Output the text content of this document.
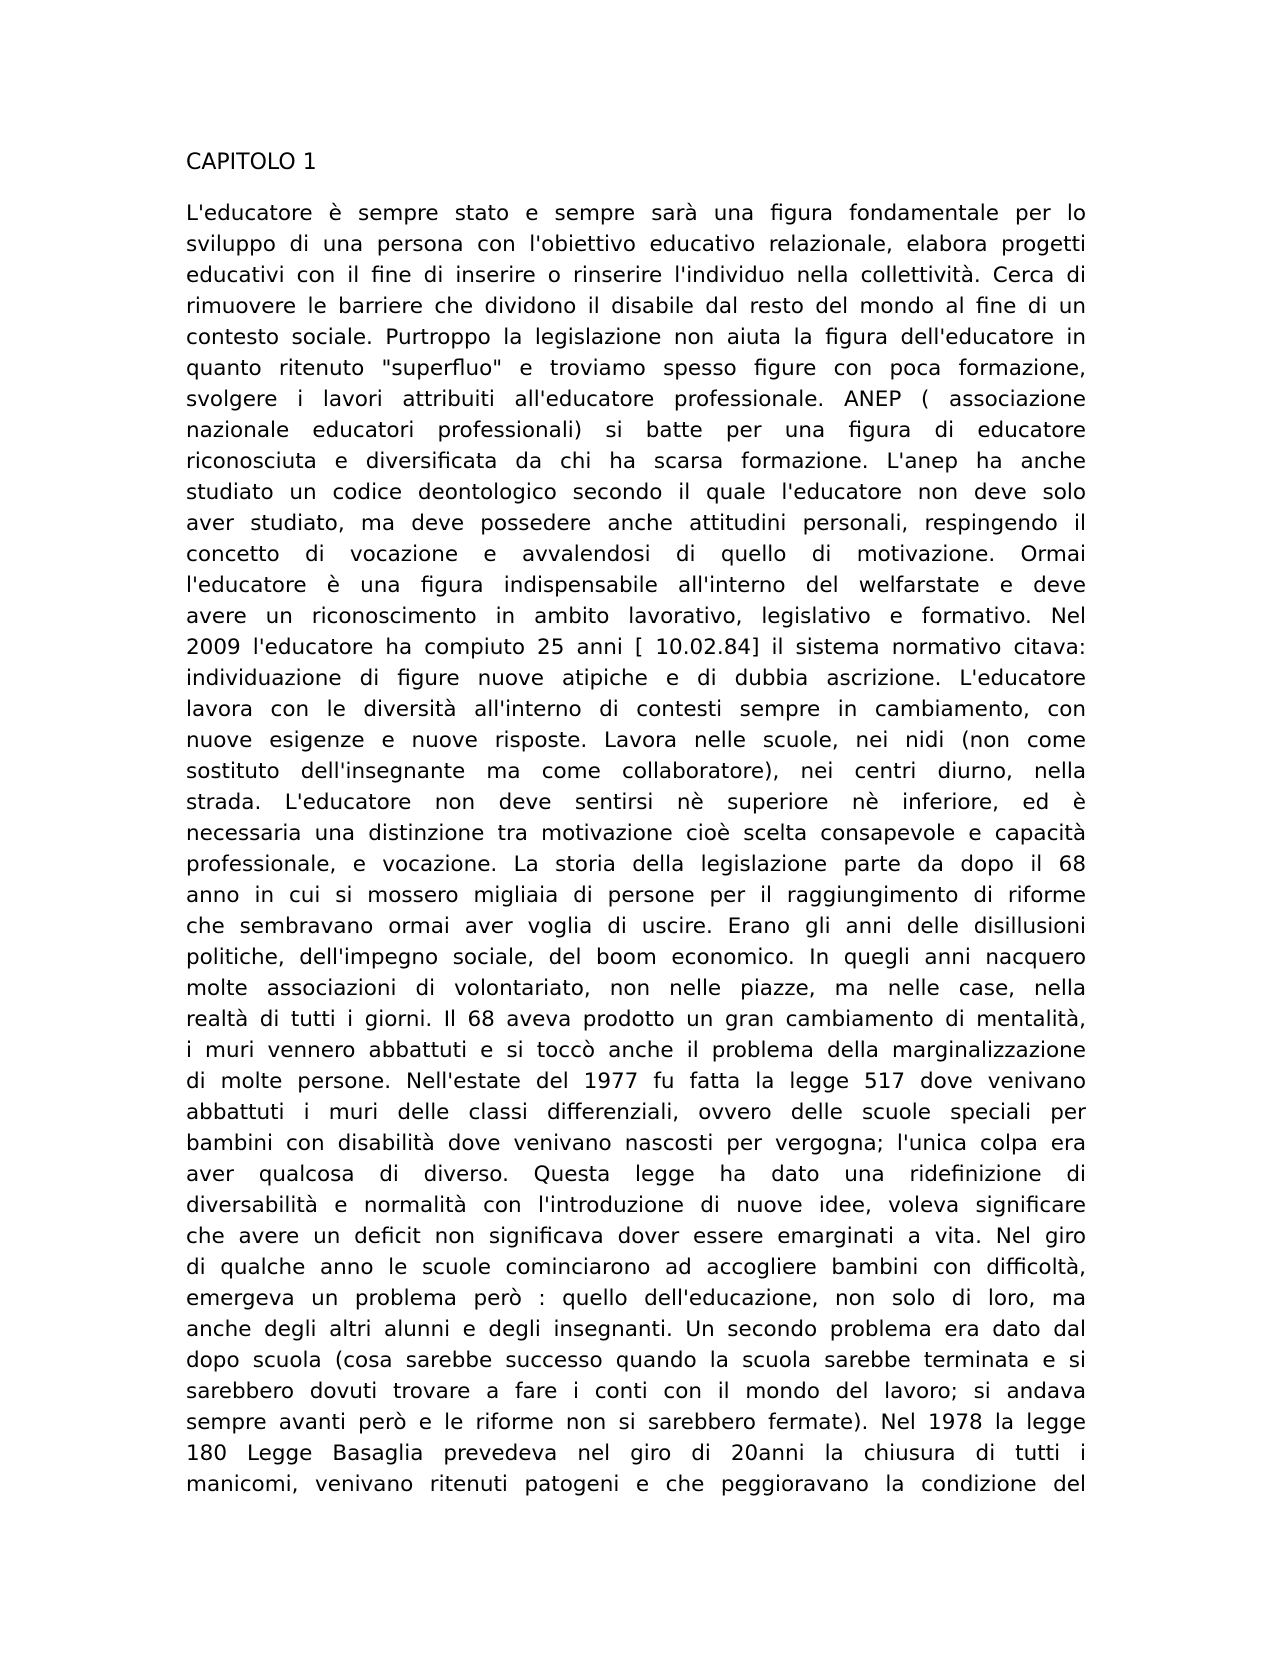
CAPITOLO 1
L'educatore è sempre stato e sempre sarà una figura fondamentale per lo
sviluppo di una persona con l'obiettivo educativo relazionale, elabora progetti
educativi con il fine di inserire o rinserire l'individuo nella collettività. Cerca di
rimuovere le barriere che dividono il disabile dal resto del mondo al fine di un
contesto sociale. Purtroppo la legislazione non aiuta la figura dell'educatore in
quanto ritenuto "superfluo" e troviamo spesso figure con poca formazione,
svolgere i lavori attribuiti all'educatore professionale. ANEP ( associazione
nazionale educatori professionali) si batte per una figura di educatore
riconosciuta e diversificata da chi ha scarsa formazione. L'anep ha anche
studiato un codice deontologico secondo il quale l'educatore non deve solo
aver studiato, ma deve possedere anche attitudini personali, respingendo il
concetto di vocazione e avvalendosi di quello di motivazione. Ormai
l'educatore è una figura indispensabile all'interno del welfarstate e deve
avere un riconoscimento in ambito lavorativo, legislativo e formativo. Nel
2009 l'educatore ha compiuto 25 anni [ 10.02.84] il sistema normativo citava:
individuazione di figure nuove atipiche e di dubbia ascrizione. L'educatore
lavora con le diversità all'interno di contesti sempre in cambiamento, con
nuove esigenze e nuove risposte. Lavora nelle scuole, nei nidi (non come
sostituto dell'insegnante ma come collaboratore), nei centri diurno, nella
strada. L'educatore non deve sentirsi nè superiore nè inferiore, ed è
necessaria una distinzione tra motivazione cioè scelta consapevole e capacità
professionale, e vocazione. La storia della legislazione parte da dopo il 68
anno in cui si mossero migliaia di persone per il raggiungimento di riforme
che sembravano ormai aver voglia di uscire. Erano gli anni delle disillusioni
politiche, dell'impegno sociale, del boom economico. In quegli anni nacquero
molte associazioni di volontariato, non nelle piazze, ma nelle case, nella
realtà di tutti i giorni. Il 68 aveva prodotto un gran cambiamento di mentalità,
i muri vennero abbattuti e si toccò anche il problema della marginalizzazione
di molte persone. Nell'estate del 1977 fu fatta la legge 517 dove venivano
abbattuti i muri delle classi differenziali, ovvero delle scuole speciali per
bambini con disabilità dove venivano nascosti per vergogna; l'unica colpa era
aver qualcosa di diverso. Questa legge ha dato una ridefinizione di
diversabilità e normalità con l'introduzione di nuove idee, voleva significare
che avere un deficit non significava dover essere emarginati a vita. Nel giro
di qualche anno le scuole cominciarono ad accogliere bambini con difficoltà,
emergeva un problema però : quello dell'educazione, non solo di loro, ma
anche degli altri alunni e degli insegnanti. Un secondo problema era dato dal
dopo scuola (cosa sarebbe successo quando la scuola sarebbe terminata e si
sarebbero dovuti trovare a fare i conti con il mondo del lavoro; si andava
sempre avanti però e le riforme non si sarebbero fermate). Nel 1978 la legge
180 Legge Basaglia prevedeva nel giro di 20anni la chiusura di tutti i
manicomi, venivano ritenuti patogeni e che peggioravano la condizione del
